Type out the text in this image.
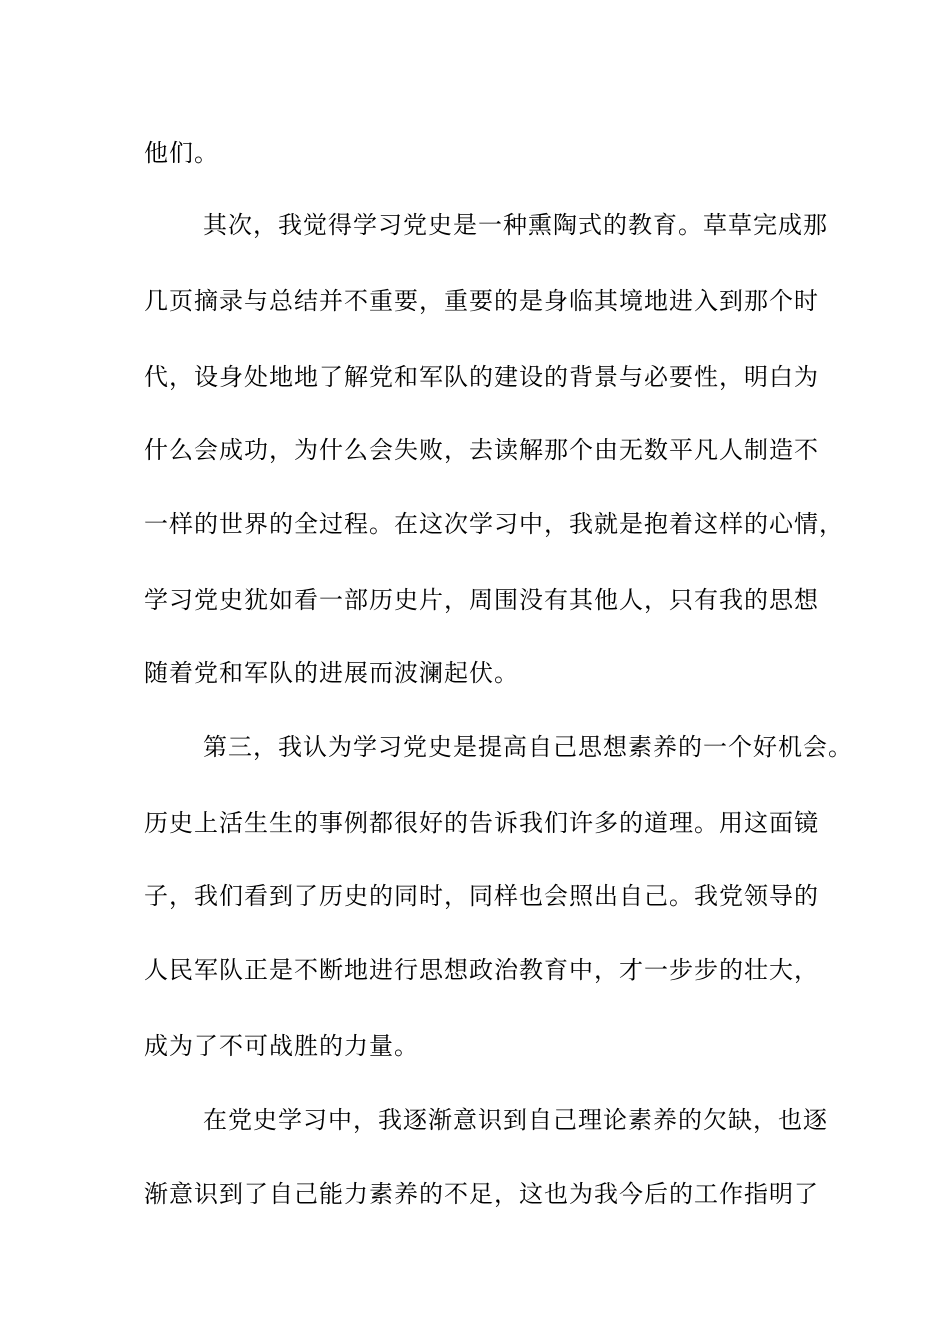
他们。
其次，我觉得学习党史是一种熏陶式的教育。草草完成那
几页摘录与总结并不重要，重要的是身临其境地进入到那个时
代，设身处地地了解党和军队的建设的背景与必要性，明白为
什么会成功，为什么会失败，去读解那个由无数平凡人制造不
一样的世界的全过程。在这次学习中，我就是抱着这样的心情，
学习党史犹如看一部历史片，周围没有其他人，只有我的思想
随着党和军队的进展而波澜起伏。
第三，我认为学习党史是提高自己思想素养的一个好机会。
历史上活生生的事例都很好的告诉我们许多的道理。用这面镜
子，我们看到了历史的同时，同样也会照出自己。我党领导的
人民军队正是不断地进行思想政治教育中，才一步步的壮大，
成为了不可战胜的力量。
在党史学习中，我逐渐意识到自己理论素养的欠缺，也逐
渐意识到了自己能力素养的不足，这也为我今后的工作指明了
